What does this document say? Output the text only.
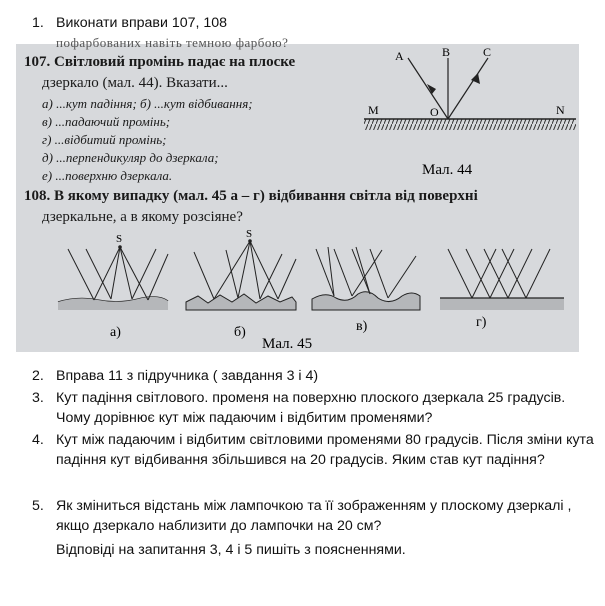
1. Виконати вправи 107, 108
пофарбованих навіть темною фарбою?
107. Світловий промінь падає на плоске
дзеркало (мал. 44). Вказати...
а) ...кут падіння; б) ...кут відбивання;
в) ...падаючий промінь;
г) ...відбитий промінь;
д) ...перпендикуляр до дзеркала;
е) ...поверхню дзеркала.
108. В якому випадку (мал. 45 а – г) відбивання світла від поверхні
дзеркальне, а в якому розсіяне?
A	B	C
M	O	N
Мал. 44
S	S
а)	б)	в)	г)
Мал. 45
2. Вправа 11 з підручника ( завдання 3 і 4)
3. Кут падіння світлового. променя на поверхню плоского дзеркала 25 градусів. Чому дорівнює кут між падаючим і відбитим променями?
4. Кут між падаючим і відбитим світловими променями 80 градусів. Після зміни кута падіння кут відбивання збільшився на 20 градусів. Яким став кут падіння?
5. Як зміниться відстань між лампочкою та її зображенням у плоскому дзеркалі , якщо дзеркало наблизити до лампочки на 20 см?
Відповіді на запитання 3, 4 і 5 пишіть з поясненнями.
